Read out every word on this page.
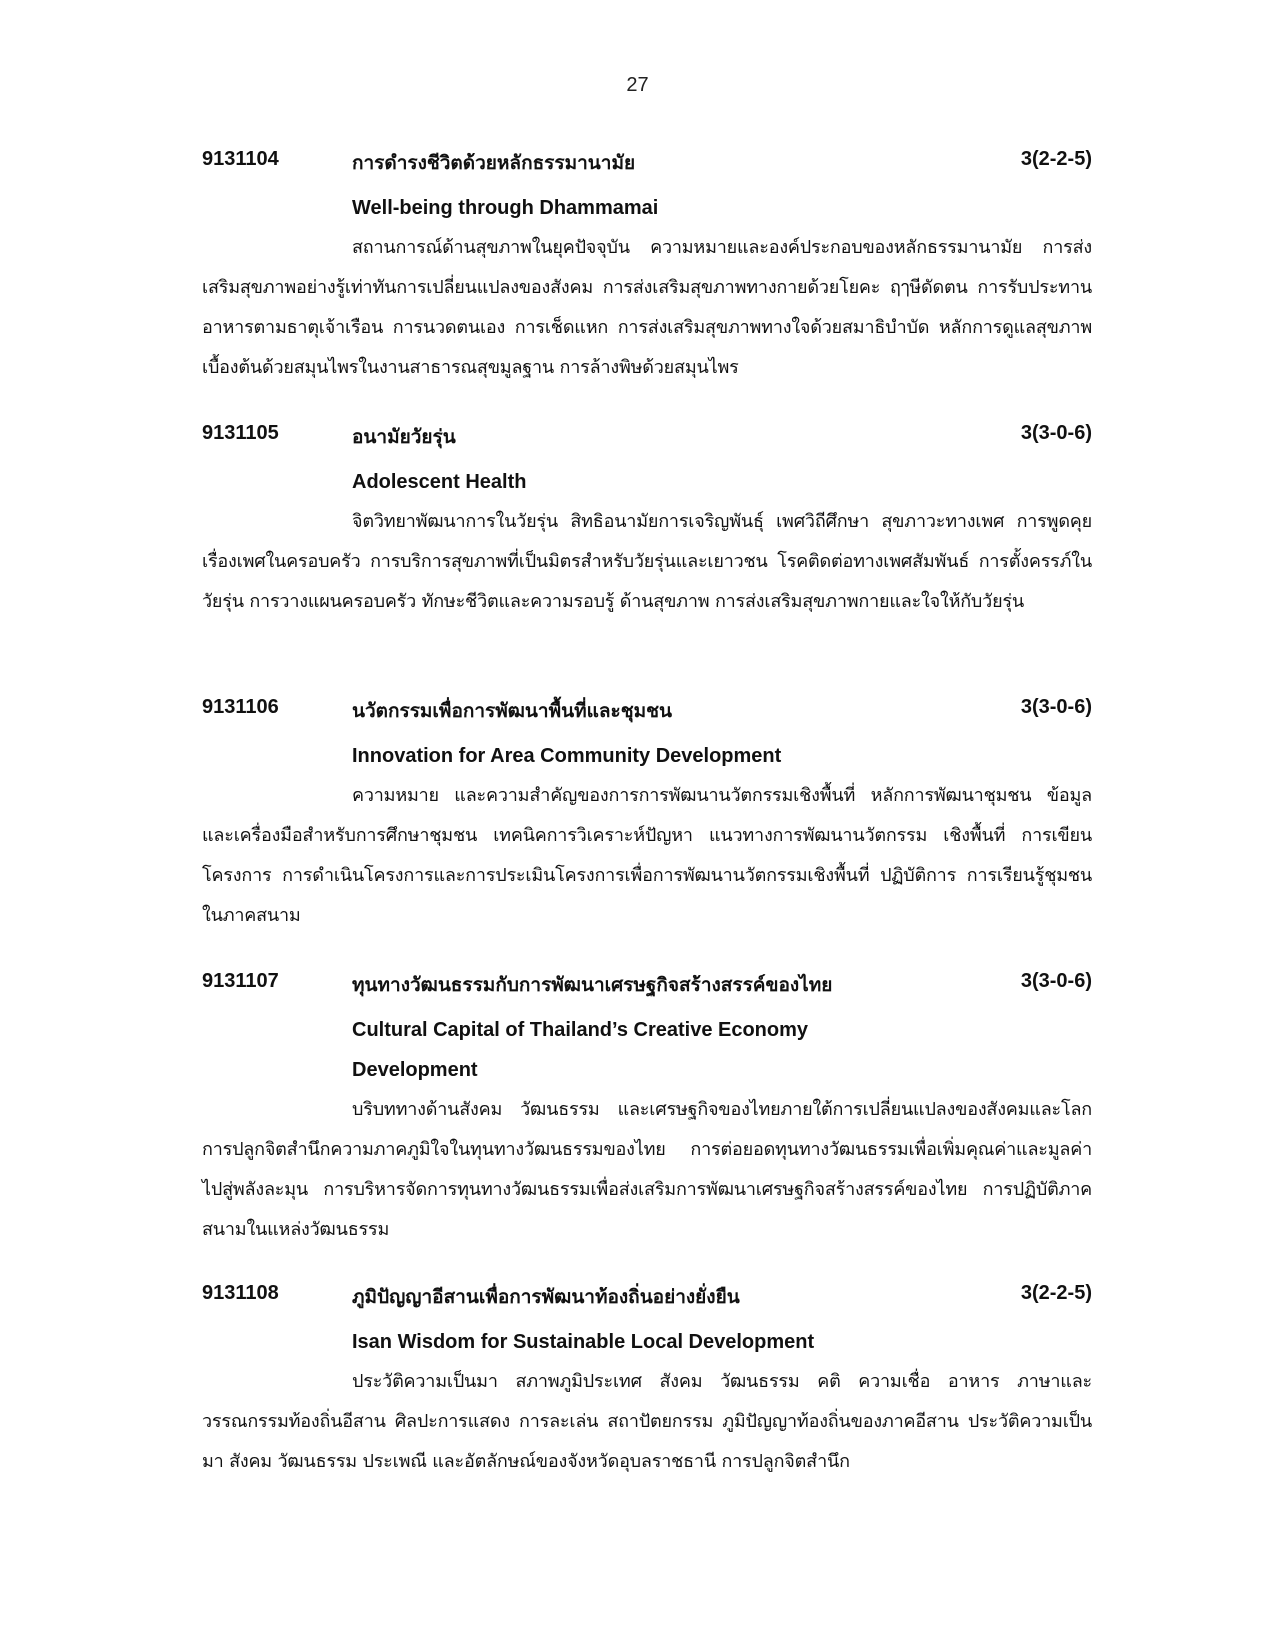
27
9131104	การดำรงชีวิตด้วยหลักธรรมานามัย	3(2-2-5)
Well-being through Dhammamai

สถานการณ์ด้านสุขภาพในยุคปัจจุบัน ความหมายและองค์ประกอบของหลักธรรมานามัย การส่งเสริมสุขภาพอย่างรู้เท่าทันการเปลี่ยนแปลงของสังคม การส่งเสริมสุขภาพทางกายด้วยโยคะ ฤๅษีดัดตน การรับประทานอาหารตามธาตุเจ้าเรือน การนวดตนเอง การเช็ดแหก การส่งเสริมสุขภาพทางใจด้วยสมาธิบำบัด หลักการดูแลสุขภาพเบื้องต้นด้วยสมุนไพรในงานสาธารณสุขมูลฐาน การล้างพิษด้วยสมุนไพร

9131105	อนามัยวัยรุ่น	3(3-0-6)
Adolescent Health

จิตวิทยาพัฒนาการในวัยรุ่น สิทธิอนามัยการเจริญพันธุ์ เพศวิถีศึกษา สุขภาวะทางเพศ การพูดคุยเรื่องเพศในครอบครัว การบริการสุขภาพที่เป็นมิตรสำหรับวัยรุ่นและเยาวชน โรคติดต่อทางเพศสัมพันธ์ การตั้งครรภ์ในวัยรุ่น การวางแผนครอบครัว ทักษะชีวิตและความรอบรู้ ด้านสุขภาพ การส่งเสริมสุขภาพกายและใจให้กับวัยรุ่น

9131106	นวัตกรรมเพื่อการพัฒนาพื้นที่และชุมชน	3(3-0-6)
Innovation for Area Community Development

ความหมาย และความสำคัญของการการพัฒนานวัตกรรมเชิงพื้นที่ หลักการพัฒนาชุมชน ข้อมูลและเครื่องมือสำหรับการศึกษาชุมชน เทคนิคการวิเคราะห์ปัญหา แนวทางการพัฒนานวัตกรรม เชิงพื้นที่ การเขียนโครงการ การดำเนินโครงการและการประเมินโครงการเพื่อการพัฒนานวัตกรรมเชิงพื้นที่ ปฏิบัติการ การเรียนรู้ชุมชนในภาคสนาม

9131107	ทุนทางวัฒนธรรมกับการพัฒนาเศรษฐกิจสร้างสรรค์ของไทย	3(3-0-6)
Cultural Capital of Thailand’s Creative Economy Development

บริบททางด้านสังคม วัฒนธรรม และเศรษฐกิจของไทยภายใต้การเปลี่ยนแปลงของสังคมและโลก การปลูกจิตสำนึกความภาคภูมิใจในทุนทางวัฒนธรรมของไทย การต่อยอดทุนทางวัฒนธรรมเพื่อเพิ่มคุณค่าและมูลค่าไปสู่พลังละมุน การบริหารจัดการทุนทางวัฒนธรรมเพื่อส่งเสริมการพัฒนาเศรษฐกิจสร้างสรรค์ของไทย การปฏิบัติภาคสนามในแหล่งวัฒนธรรม

9131108	ภูมิปัญญาอีสานเพื่อการพัฒนาท้องถิ่นอย่างยั่งยืน	3(2-2-5)
Isan Wisdom for Sustainable Local Development

ประวัติความเป็นมา สภาพภูมิประเทศ สังคม วัฒนธรรม คติ ความเชื่อ อาหาร ภาษาและวรรณกรรมท้องถิ่นอีสาน ศิลปะการแสดง การละเล่น สถาปัตยกรรม ภูมิปัญญาท้องถิ่นของภาคอีสาน ประวัติความเป็นมา สังคม วัฒนธรรม ประเพณี และอัตลักษณ์ของจังหวัดอุบลราชธานี การปลูกจิตสำนึก
